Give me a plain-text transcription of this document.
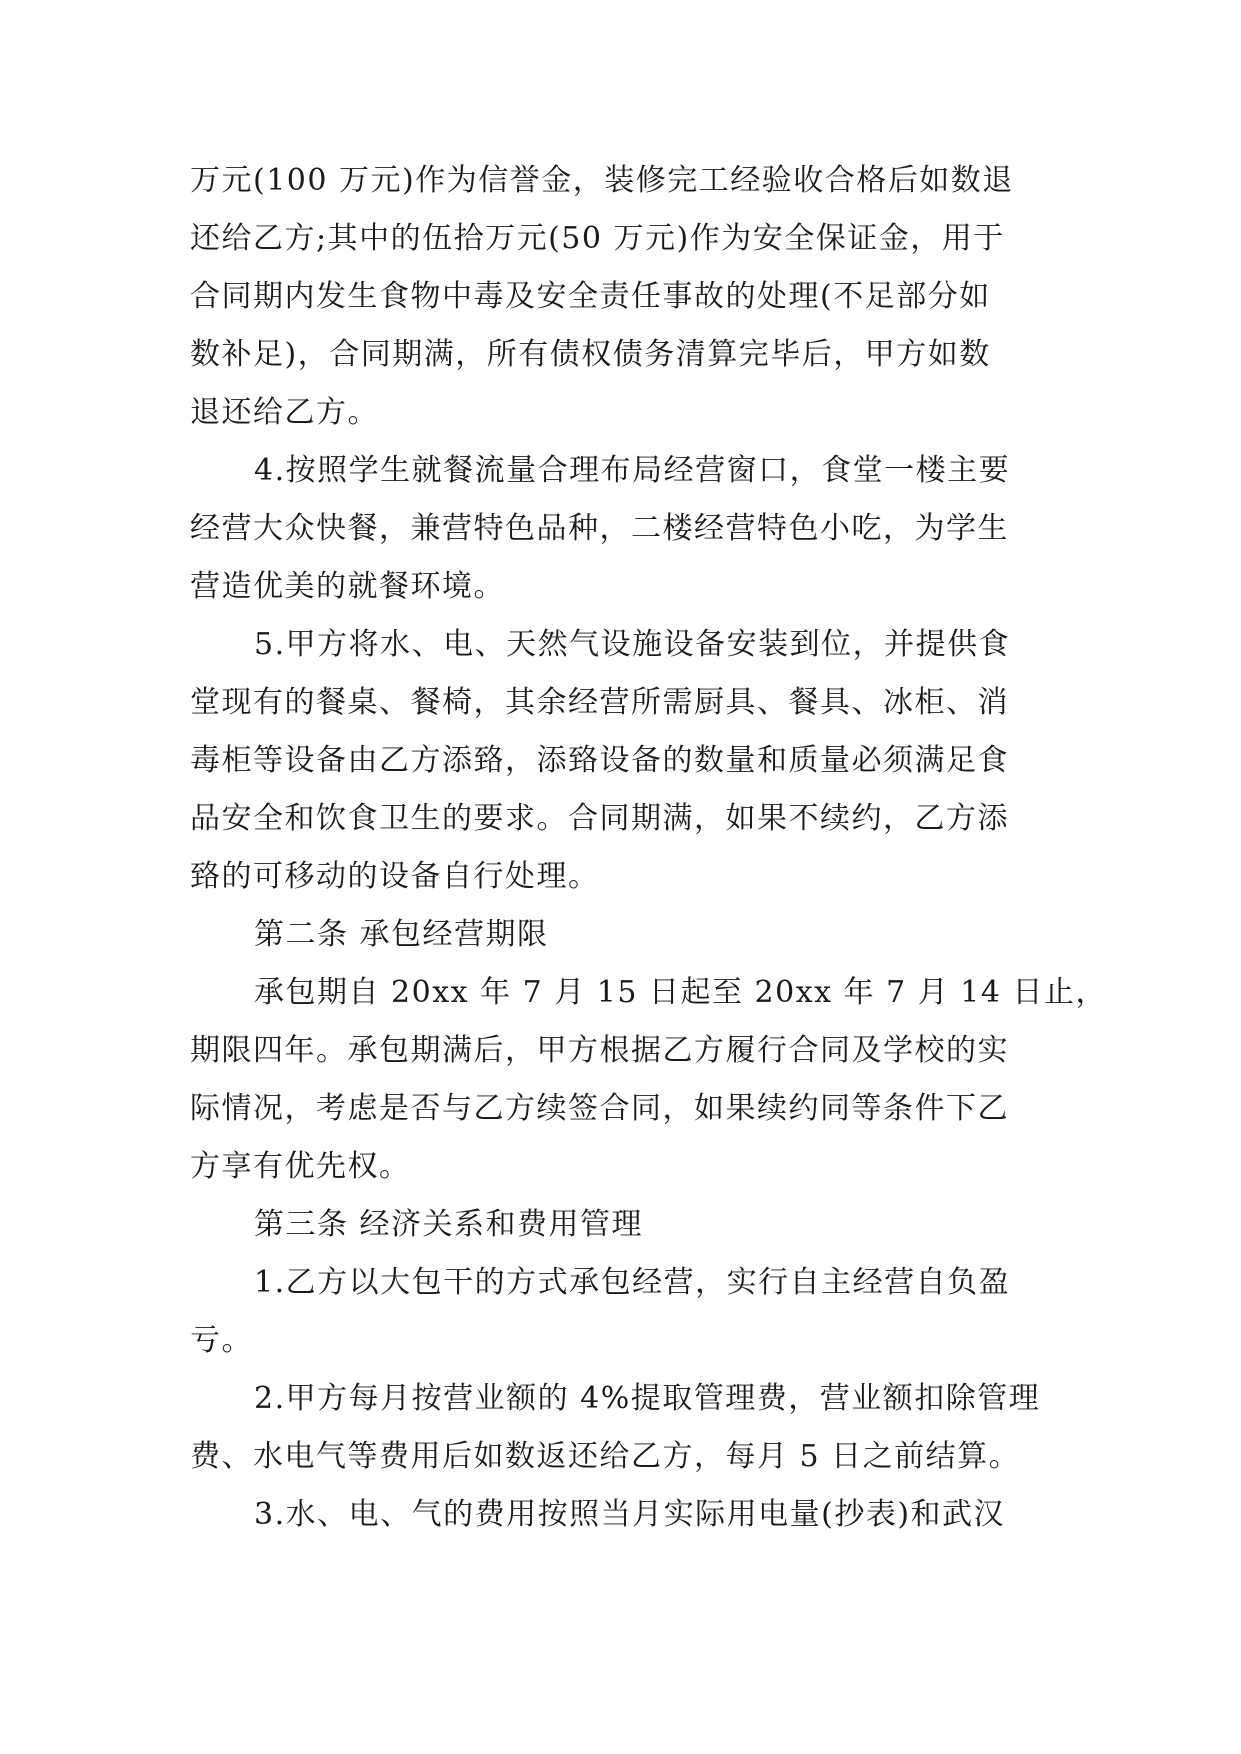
万元(100 万元)作为信誉金，装修完工经验收合格后如数退
还给乙方;其中的伍拾万元(50 万元)作为安全保证金，用于
合同期内发生食物中毒及安全责任事故的处理(不足部分如
数补足)，合同期满，所有债权债务清算完毕后，甲方如数
退还给乙方。
4.按照学生就餐流量合理布局经营窗口，食堂一楼主要
经营大众快餐，兼营特色品种，二楼经营特色小吃，为学生
营造优美的就餐环境。
5.甲方将水、电、天然气设施设备安装到位，并提供食
堂现有的餐桌、餐椅，其余经营所需厨具、餐具、冰柜、消
毒柜等设备由乙方添臵，添臵设备的数量和质量必须满足食
品安全和饮食卫生的要求。合同期满，如果不续约，乙方添
臵的可移动的设备自行处理。
第二条 承包经营期限
承包期自 20xx 年 7 月 15 日起至 20xx 年 7 月 14 日止，
期限四年。承包期满后，甲方根据乙方履行合同及学校的实
际情况，考虑是否与乙方续签合同，如果续约同等条件下乙
方享有优先权。
第三条 经济关系和费用管理
1.乙方以大包干的方式承包经营，实行自主经营自负盈
亏。
2.甲方每月按营业额的 4%提取管理费，营业额扣除管理
费、水电气等费用后如数返还给乙方，每月 5 日之前结算。
3.水、电、气的费用按照当月实际用电量(抄表)和武汉
